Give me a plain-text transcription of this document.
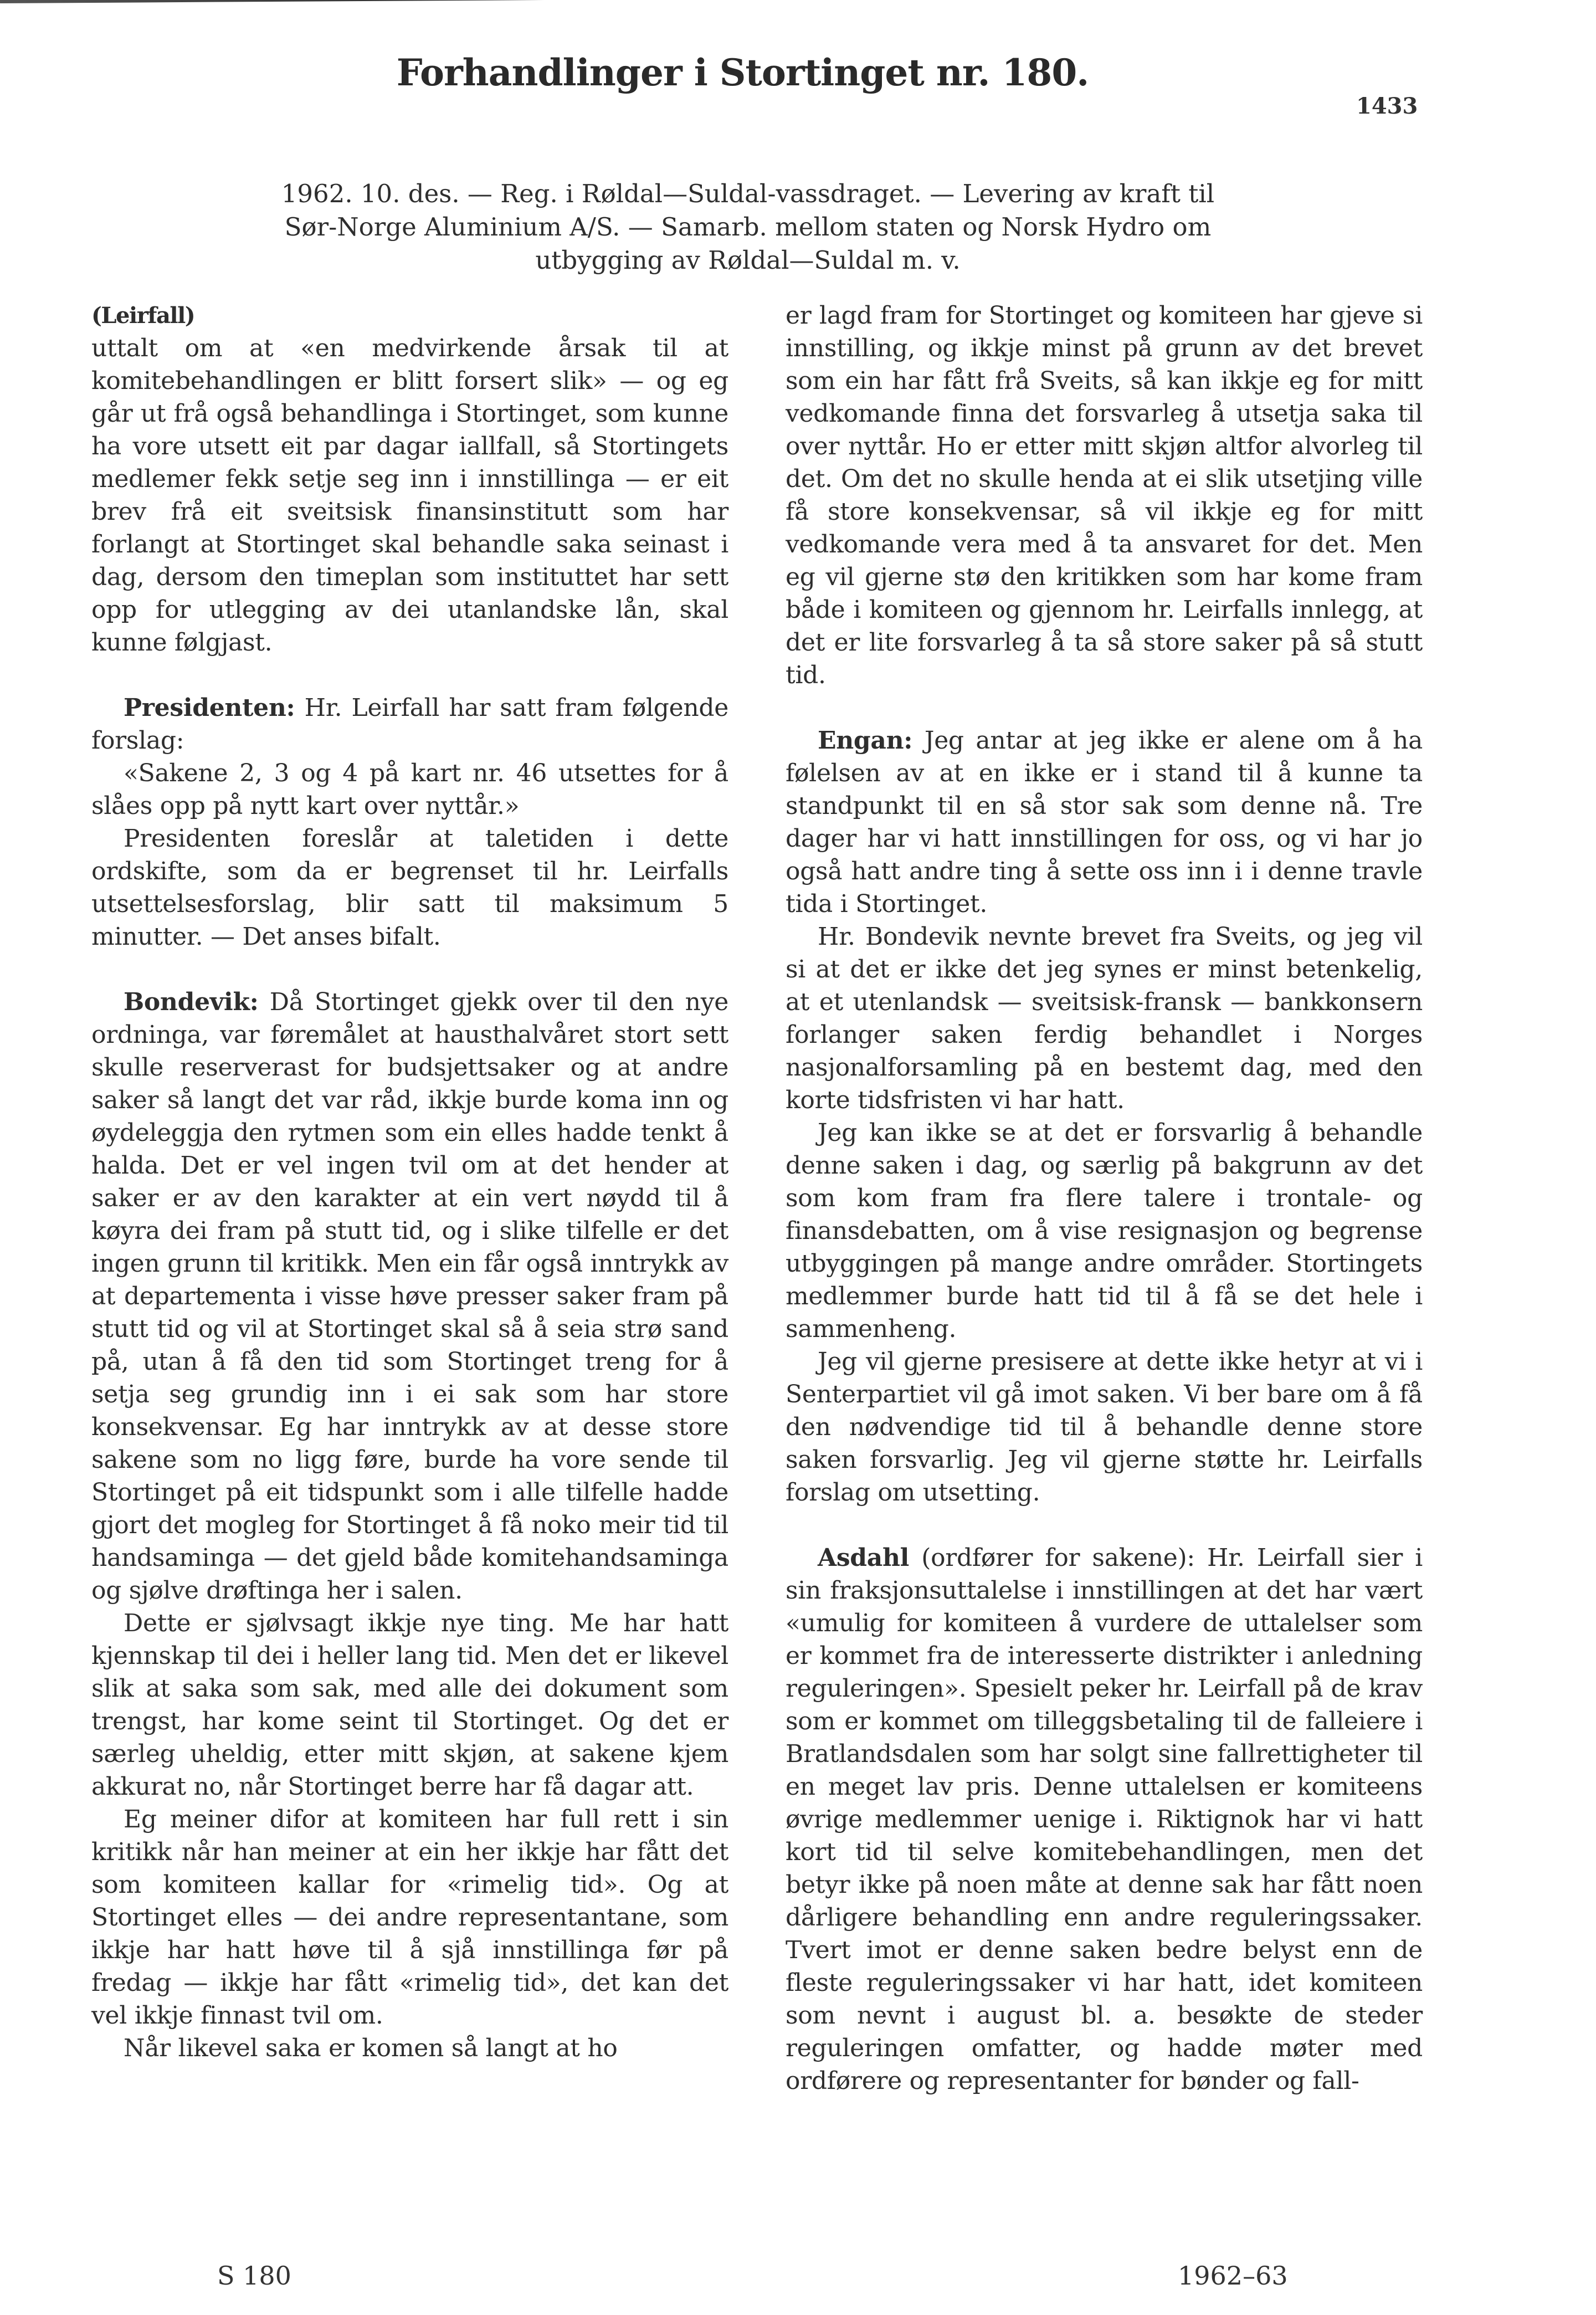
Forhandlinger i Stortinget nr. 180.
1433
1962. 10. des. — Reg. i Røldal—Suldal-vassdraget. — Levering av kraft til
Sør-Norge Aluminium A/S. — Samarb. mellom staten og Norsk Hydro om
utbygging av Røldal—Suldal m. v.
(Leirfall)

uttalt om at «en medvirkende årsak til at komitebehandlingen er blitt forsert slik» — og eg går ut frå også behandlinga i Stortinget, som kunne ha vore utsett eit par dagar iallfall, så Stortingets medlemer fekk setje seg inn i innstillinga — er eit brev frå eit sveitsisk finansinstitutt som har forlangt at Stortinget skal behandle saka seinast i dag, dersom den timeplan som instituttet har sett opp for utlegging av dei utanlandske lån, skal kunne følgjast.

Presidenten: Hr. Leirfall har satt fram følgende forslag:

«Sakene 2, 3 og 4 på kart nr. 46 utsettes for å slåes opp på nytt kart over nyttår.»

Presidenten foreslår at taletiden i dette ordskifte, som da er begrenset til hr. Leirfalls utsettelsesforslag, blir satt til maksimum 5 minutter. — Det anses bifalt.

Bondevik: Då Stortinget gjekk over til den nye ordninga, var føremålet at hausthalvåret stort sett skulle reserverast for budsjettsaker og at andre saker så langt det var råd, ikkje burde koma inn og øydeleggja den rytmen som ein elles hadde tenkt å halda. Det er vel ingen tvil om at det hender at saker er av den karakter at ein vert nøydd til å køyra dei fram på stutt tid, og i slike tilfelle er det ingen grunn til kritikk. Men ein får også inntrykk av at departementa i visse høve presser saker fram på stutt tid og vil at Stortinget skal så å seia strø sand på, utan å få den tid som Stortinget treng for å setja seg grundig inn i ei sak som har store konsekvensar. Eg har inntrykk av at desse store sakene som no ligg føre, burde ha vore sende til Stortinget på eit tidspunkt som i alle tilfelle hadde gjort det mogleg for Stortinget å få noko meir tid til handsaminga — det gjeld både komitehandsaminga og sjølve drøftinga her i salen.

Dette er sjølvsagt ikkje nye ting. Me har hatt kjennskap til dei i heller lang tid. Men det er likevel slik at saka som sak, med alle dei dokument som trengst, har kome seint til Stortinget. Og det er særleg uheldig, etter mitt skjøn, at sakene kjem akkurat no, når Stortinget berre har få dagar att.

Eg meiner difor at komiteen har full rett i sin kritikk når han meiner at ein her ikkje har fått det som komiteen kallar for «rimelig tid». Og at Stortinget elles — dei andre representantane, som ikkje har hatt høve til å sjå innstillinga før på fredag — ikkje har fått «rimelig tid», det kan det vel ikkje finnast tvil om.

Når likevel saka er komen så langt at ho

er lagd fram for Stortinget og komiteen har gjeve si innstilling, og ikkje minst på grunn av det brevet som ein har fått frå Sveits, så kan ikkje eg for mitt vedkomande finna det forsvarleg å utsetja saka til over nyttår. Ho er etter mitt skjøn altfor alvorleg til det. Om det no skulle henda at ei slik utsetjing ville få store konsekvensar, så vil ikkje eg for mitt vedkomande vera med å ta ansvaret for det. Men eg vil gjerne stø den kritikken som har kome fram både i komiteen og gjennom hr. Leirfalls innlegg, at det er lite forsvarleg å ta så store saker på så stutt tid.

Engan: Jeg antar at jeg ikke er alene om å ha følelsen av at en ikke er i stand til å kunne ta standpunkt til en så stor sak som denne nå. Tre dager har vi hatt innstillingen for oss, og vi har jo også hatt andre ting å sette oss inn i i denne travle tida i Stortinget.

Hr. Bondevik nevnte brevet fra Sveits, og jeg vil si at det er ikke det jeg synes er minst betenkelig, at et utenlandsk — sveitsisk-fransk — bankkonsern forlanger saken ferdig behandlet i Norges nasjonalforsamling på en bestemt dag, med den korte tidsfristen vi har hatt.

Jeg kan ikke se at det er forsvarlig å behandle denne saken i dag, og særlig på bakgrunn av det som kom fram fra flere talere i trontale- og finansdebatten, om å vise resignasjon og begrense utbyggingen på mange andre områder. Stortingets medlemmer burde hatt tid til å få se det hele i sammenheng.

Jeg vil gjerne presisere at dette ikke hetyr at vi i Senterpartiet vil gå imot saken. Vi ber bare om å få den nødvendige tid til å behandle denne store saken forsvarlig. Jeg vil gjerne støtte hr. Leirfalls forslag om utsetting.

Asdahl (ordfører for sakene): Hr. Leirfall sier i sin fraksjonsuttalelse i innstillingen at det har vært «umulig for komiteen å vurdere de uttalelser som er kommet fra de interesserte distrikter i anledning reguleringen». Spesielt peker hr. Leirfall på de krav som er kommet om tilleggsbetaling til de falleiere i Bratlandsdalen som har solgt sine fallrettigheter til en meget lav pris. Denne uttalelsen er komiteens øvrige medlemmer uenige i. Riktignok har vi hatt kort tid til selve komitebehandlingen, men det betyr ikke på noen måte at denne sak har fått noen dårligere behandling enn andre reguleringssaker. Tvert imot er denne saken bedre belyst enn de fleste reguleringssaker vi har hatt, idet komiteen som nevnt i august bl. a. besøkte de steder reguleringen omfatter, og hadde møter med ordførere og representanter for bønder og fall-

S 180	1962–63
